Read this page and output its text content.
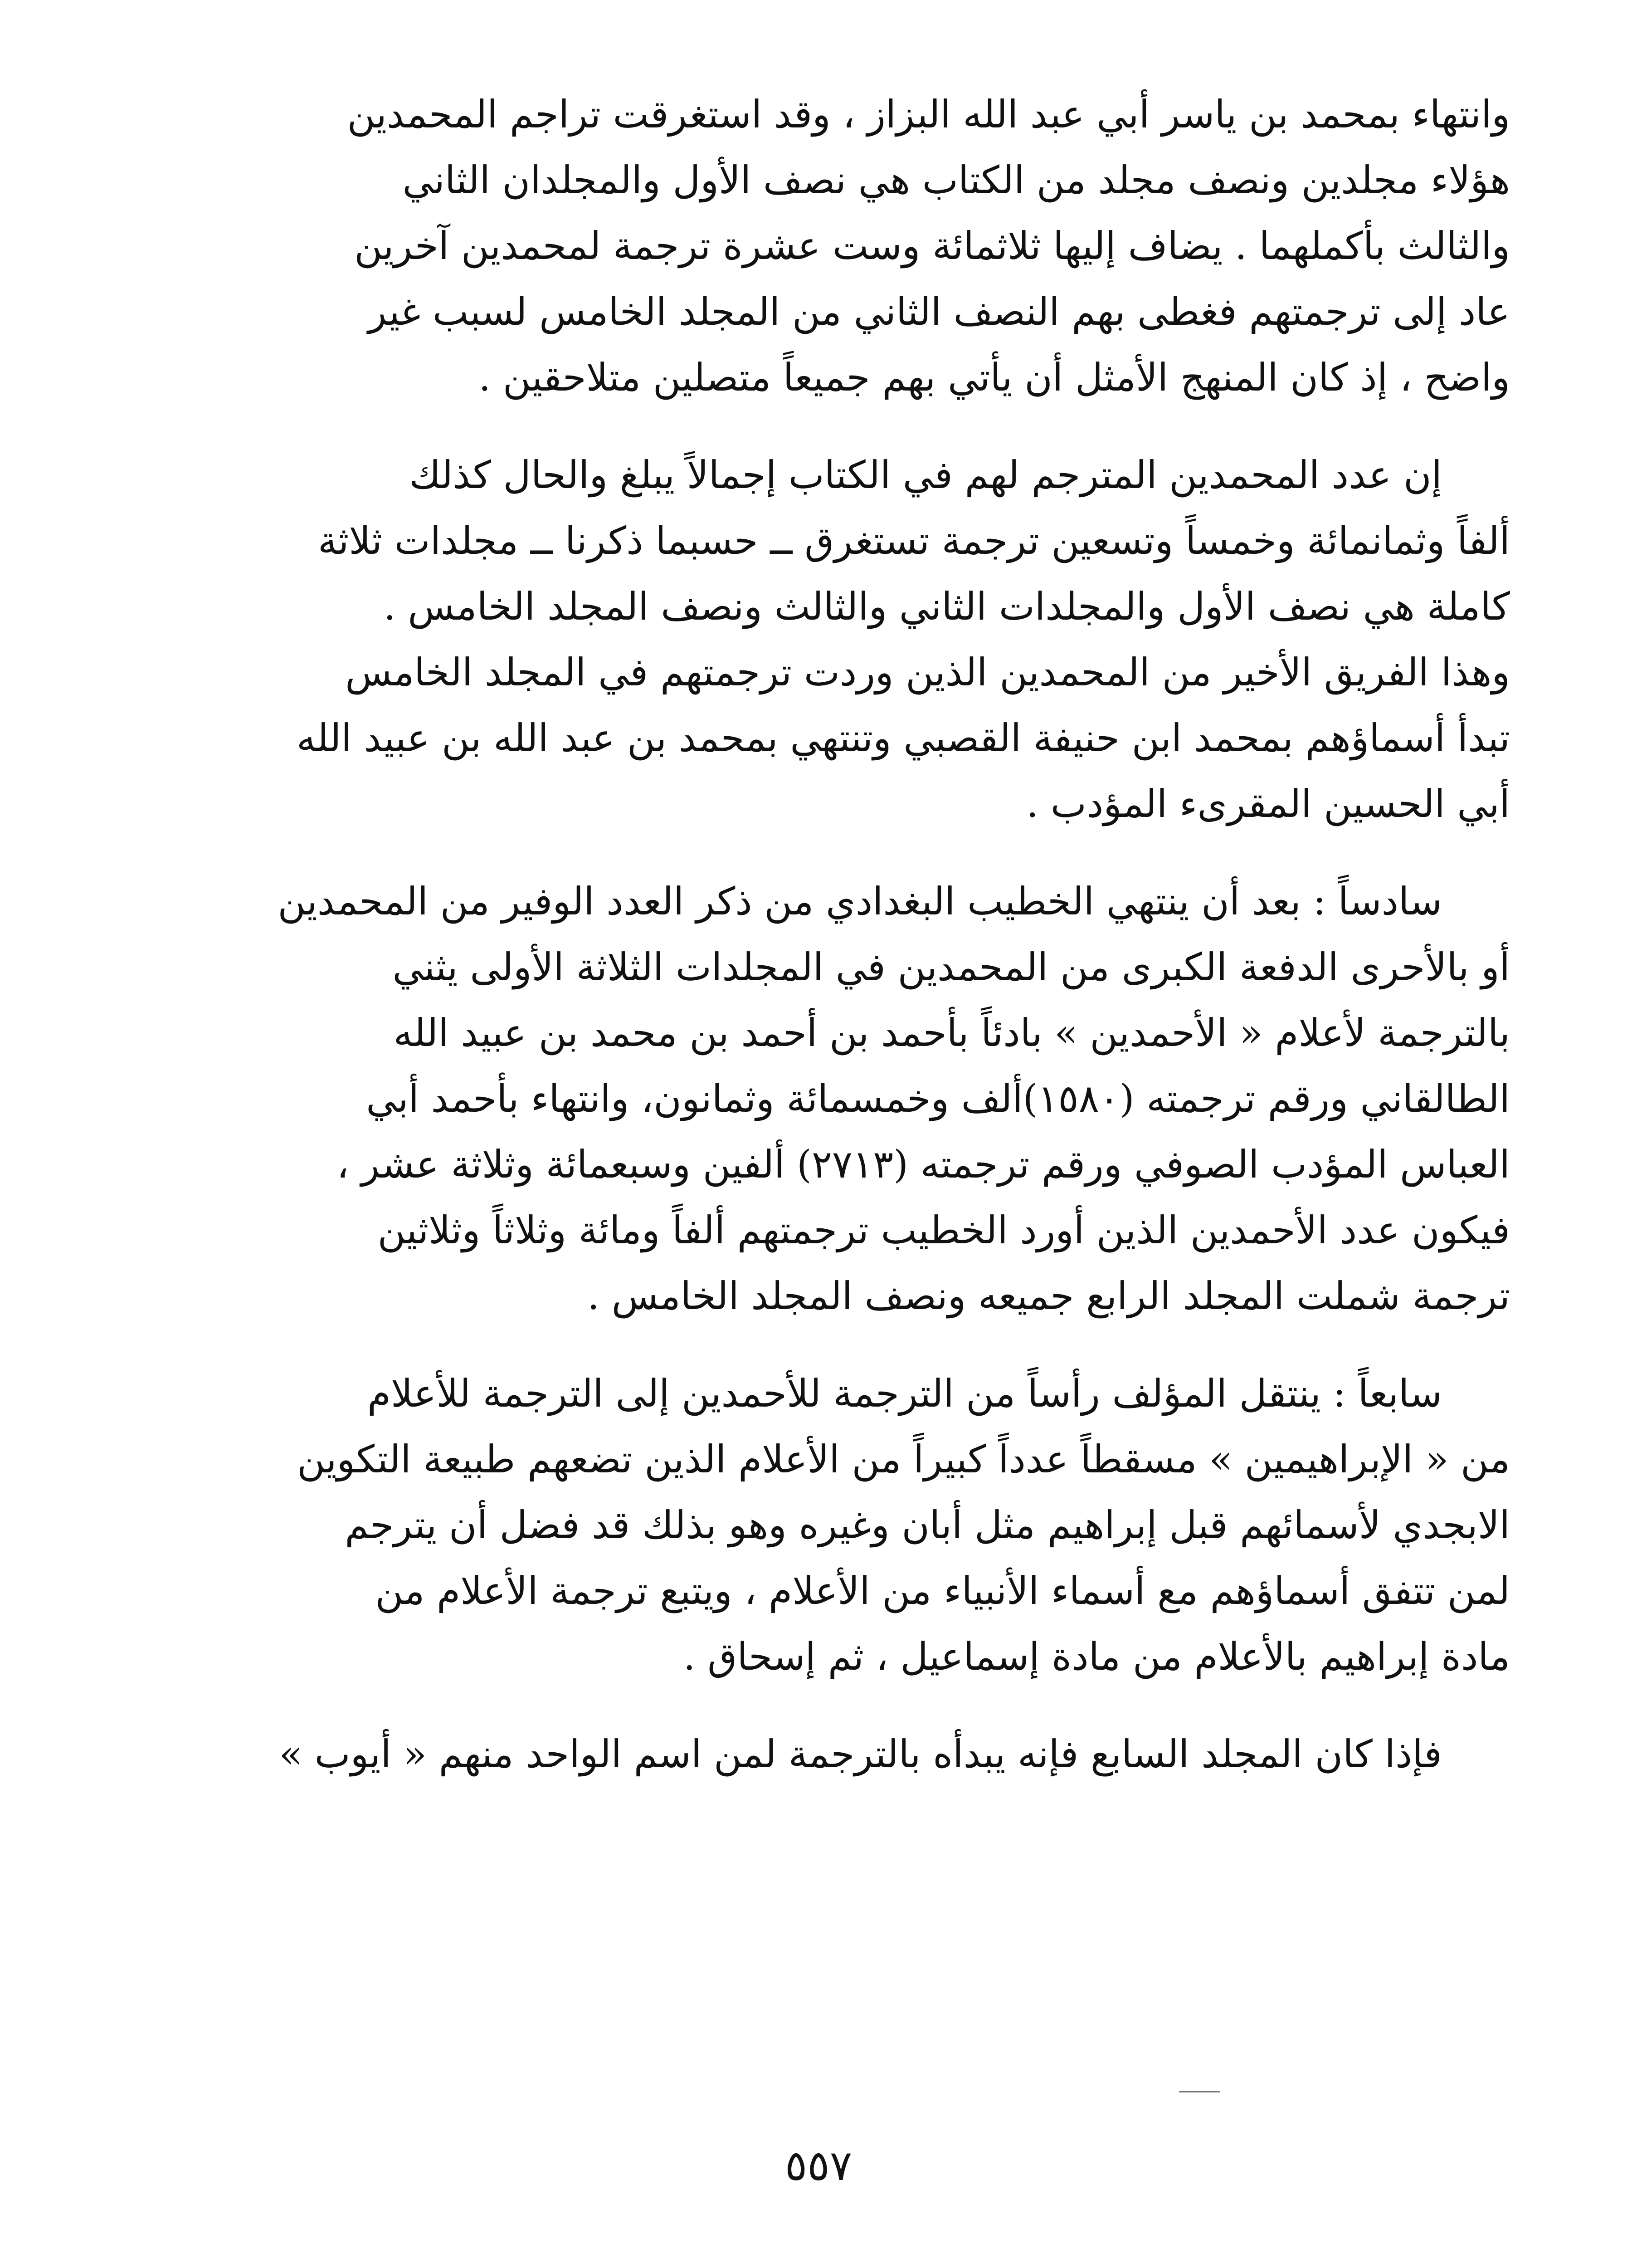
وانتهاء بمحمد بن ياسر أبي عبد الله البزاز ، وقد استغرقت تراجم المحمدين
هؤلاء مجلدين ونصف مجلد من الكتاب هي نصف الأول والمجلدان الثاني
والثالث بأكملهما . يضاف إليها ثلاثمائة وست عشرة ترجمة لمحمدين آخرين
عاد إلى ترجمتهم فغطى بهم النصف الثاني من المجلد الخامس لسبب غير
واضح ، إذ كان المنهج الأمثل أن يأتي بهم جميعاً متصلين متلاحقين .

إن عدد المحمدين المترجم لهم في الكتاب إجمالاً يبلغ والحال كذلك
ألفاً وثمانمائة وخمساً وتسعين ترجمة تستغرق ــ حسبما ذكرنا ــ مجلدات ثلاثة
كاملة هي نصف الأول والمجلدات الثاني والثالث ونصف المجلد الخامس .
وهذا الفريق الأخير من المحمدين الذين وردت ترجمتهم في المجلد الخامس
تبدأ أسماؤهم بمحمد ابن حنيفة القصبي وتنتهي بمحمد بن عبد الله بن عبيد الله
أبي الحسين المقرىء المؤدب .

سادساً : بعد أن ينتهي الخطيب البغدادي من ذكر العدد الوفير من المحمدين
أو بالأحرى الدفعة الكبرى من المحمدين في المجلدات الثلاثة الأولى يثني
بالترجمة لأعلام « الأحمدين » بادئاً بأحمد بن أحمد بن محمد بن عبيد الله
الطالقاني ورقم ترجمته (١٥٨٠)ألف وخمسمائة وثمانون، وانتهاء بأحمد أبي
العباس المؤدب الصوفي ورقم ترجمته (٢٧١٣) ألفين وسبعمائة وثلاثة عشر ،
فيكون عدد الأحمدين الذين أورد الخطيب ترجمتهم ألفاً ومائة وثلاثاً وثلاثين
ترجمة شملت المجلد الرابع جميعه ونصف المجلد الخامس .

سابعاً : ينتقل المؤلف رأساً من الترجمة للأحمدين إلى الترجمة للأعلام
من « الإبراهيمين » مسقطاً عدداً كبيراً من الأعلام الذين تضعهم طبيعة التكوين
الابجدي لأسمائهم قبل إبراهيم مثل أبان وغيره وهو بذلك قد فضل أن يترجم
لمن تتفق أسماؤهم مع أسماء الأنبياء من الأعلام ، ويتبع ترجمة الأعلام من
مادة إبراهيم بالأعلام من مادة إسماعيل ، ثم إسحاق .

فإذا كان المجلد السابع فإنه يبدأه بالترجمة لمن اسم الواحد منهم « أيوب »

٥٥٧
